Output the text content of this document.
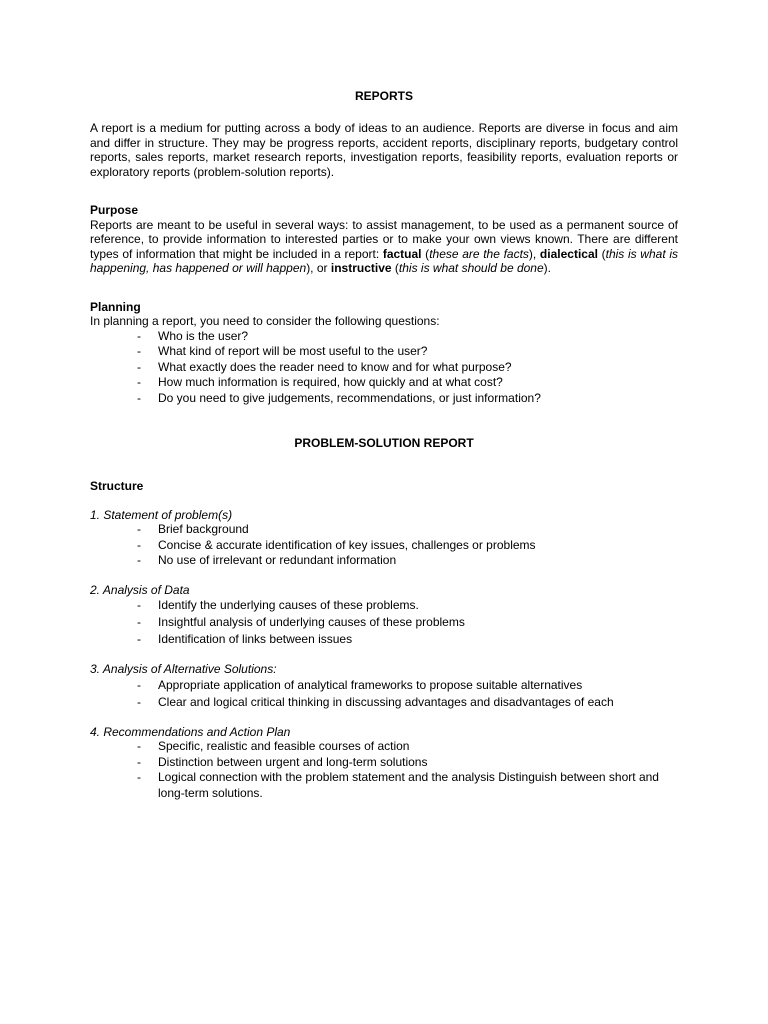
REPORTS

A report is a medium for putting across a body of ideas to an audience. Reports are diverse in focus and aim and differ in structure. They may be progress reports, accident reports, disciplinary reports, budgetary control reports, sales reports, market research reports, investigation reports, feasibility reports, evaluation reports or exploratory reports (problem-solution reports).

Purpose

Reports are meant to be useful in several ways: to assist management, to be used as a permanent source of reference, to provide information to interested parties or to make your own views known. There are different types of information that might be included in a report: factual (these are the facts), dialectical (this is what is happening, has happened or will happen), or instructive (this is what should be done).

Planning

In planning a report, you need to consider the following questions:

- Who is the user?
- What kind of report will be most useful to the user?
- What exactly does the reader need to know and for what purpose?
- How much information is required, how quickly and at what cost?
- Do you need to give judgements, recommendations, or just information?

PROBLEM-SOLUTION REPORT

Structure

1. Statement of problem(s)

- Brief background
- Concise & accurate identification of key issues, challenges or problems
- No use of irrelevant or redundant information

2. Analysis of Data

- Identify the underlying causes of these problems.
- Insightful analysis of underlying causes of these problems
- Identification of links between issues

3. Analysis of Alternative Solutions:

- Appropriate application of analytical frameworks to propose suitable alternatives
- Clear and logical critical thinking in discussing advantages and disadvantages of each

4. Recommendations and Action Plan

- Specific, realistic and feasible courses of action
- Distinction between urgent and long-term solutions
- Logical connection with the problem statement and the analysis Distinguish between short and long-term solutions.
